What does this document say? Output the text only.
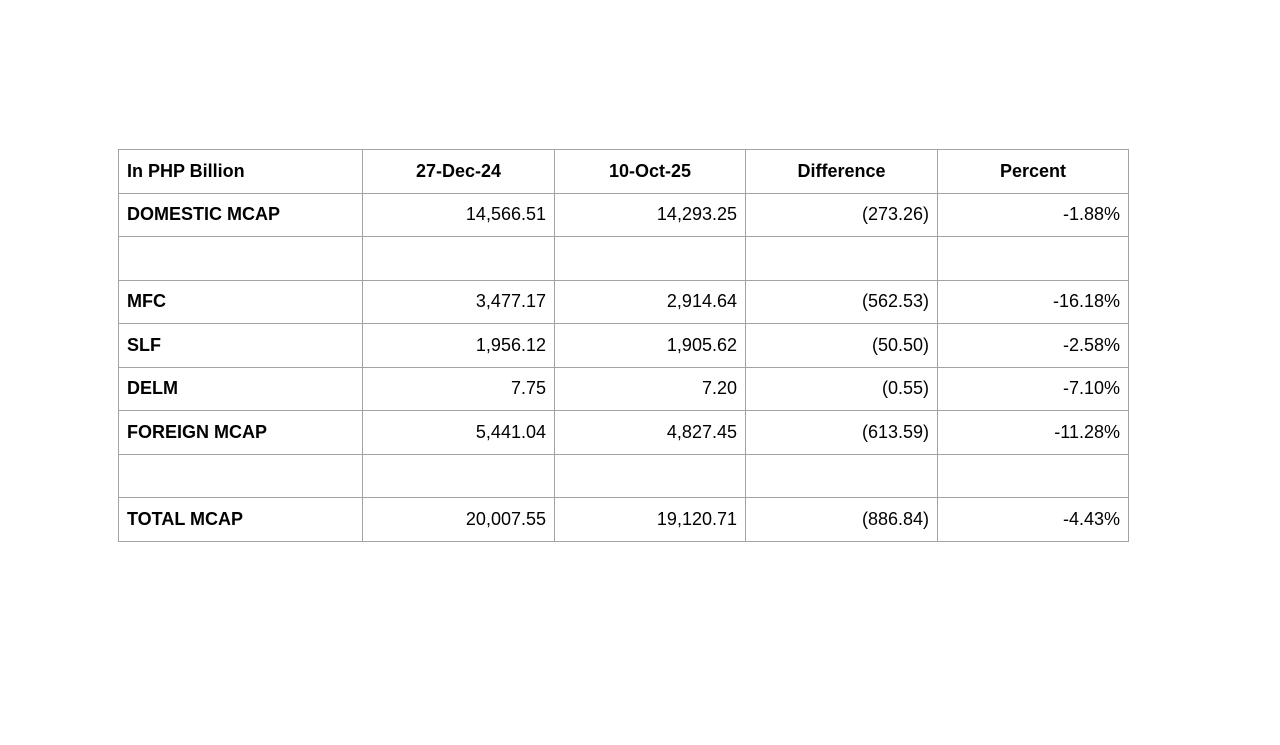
In PHP Billion	27-Dec-24	10-Oct-25	Difference	Percent
DOMESTIC MCAP	14,566.51	14,293.25	(273.26)	-1.88%

MFC	3,477.17	2,914.64	(562.53)	-16.18%
SLF	1,956.12	1,905.62	(50.50)	-2.58%
DELM	7.75	7.20	(0.55)	-7.10%
FOREIGN MCAP	5,441.04	4,827.45	(613.59)	-11.28%

TOTAL MCAP	20,007.55	19,120.71	(886.84)	-4.43%
